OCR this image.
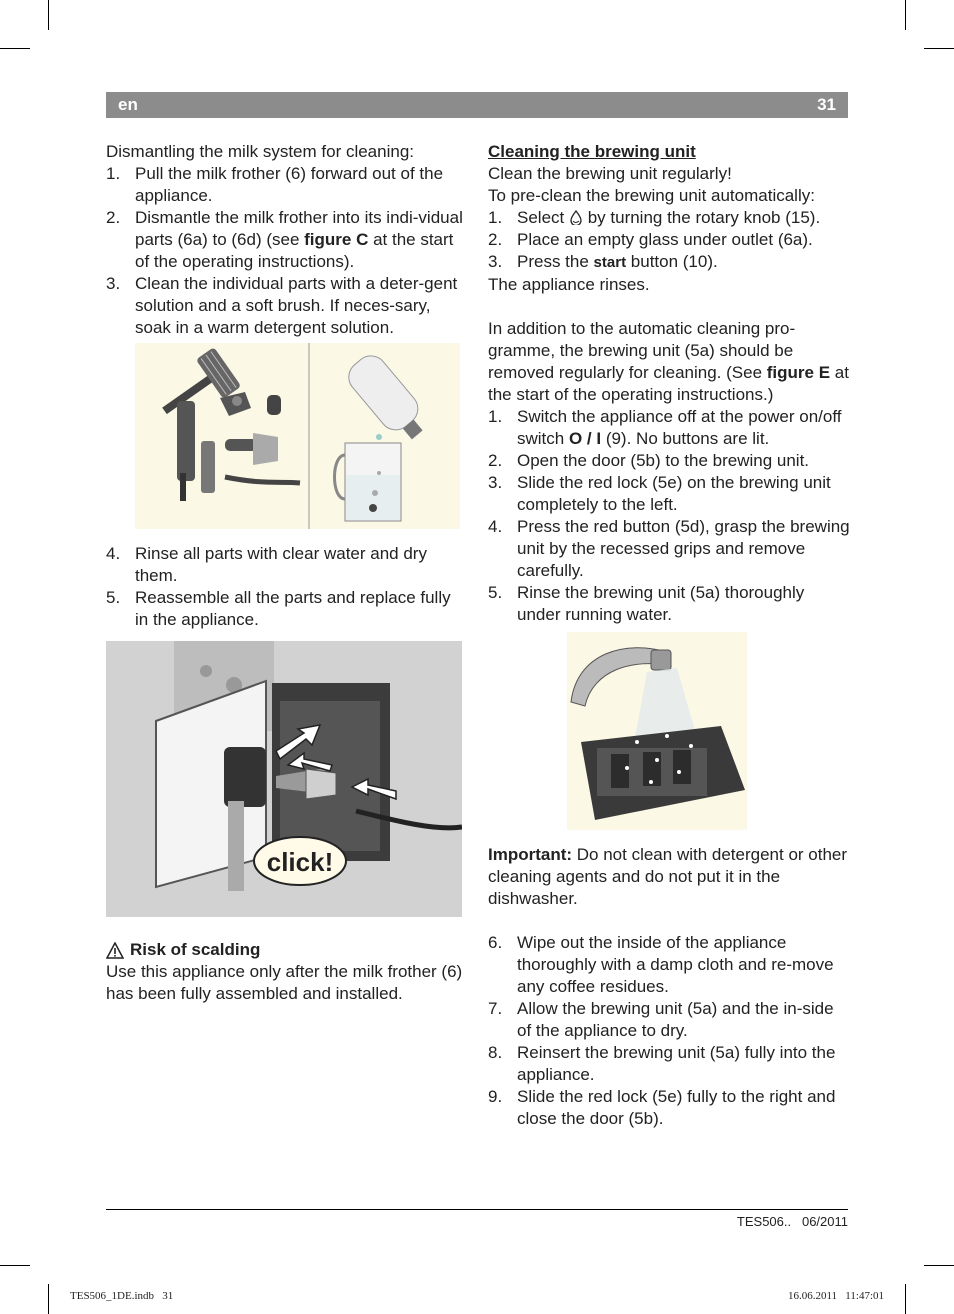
en	31

Dismantling the milk system for cleaning:

1. Pull the milk frother (6) forward out of the appliance.
2. Dismantle the milk frother into its indi-vidual parts (6a) to (6d) (see figure C at the start of the operating instructions).
3. Clean the individual parts with a deter-gent solution and a soft brush. If neces-sary, soak in a warm detergent solution.
4. Rinse all parts with clear water and dry them.
5. Reassemble all the parts and replace fully in the appliance.
click!
Risk of scalding

Use this appliance only after the milk frother (6) has been fully assembled and installed.

Cleaning the brewing unit

Clean the brewing unit regularly!

To pre-clean the brewing unit automatically:

1. Select  by turning the rotary knob (15).
2. Place an empty glass under outlet (6a).
3. Press the start button (10).

The appliance rinses.

In addition to the automatic cleaning pro-gramme, the brewing unit (5a) should be removed regularly for cleaning. (See figure E at the start of the operating instructions.)

1. Switch the appliance off at the power on/off switch O / I (9). No buttons are lit.
2. Open the door (5b) to the brewing unit.
3. Slide the red lock (5e) on the brewing unit completely to the left.
4. Press the red button (5d), grasp the brewing unit by the recessed grips and remove carefully.
5. Rinse the brewing unit (5a) thoroughly under running water.

Important: Do not clean with detergent or other cleaning agents and do not put it in the dishwasher.

6. Wipe out the inside of the appliance thoroughly with a damp cloth and re-move any coffee residues.
7. Allow the brewing unit (5a) and the in-side of the appliance to dry.
8. Reinsert the brewing unit (5a) fully into the appliance.
9. Slide the red lock (5e) fully to the right and close the door (5b).
TES506.. 06/2011
TES506_1DE.indb   31	16.06.2011   11:47:01
